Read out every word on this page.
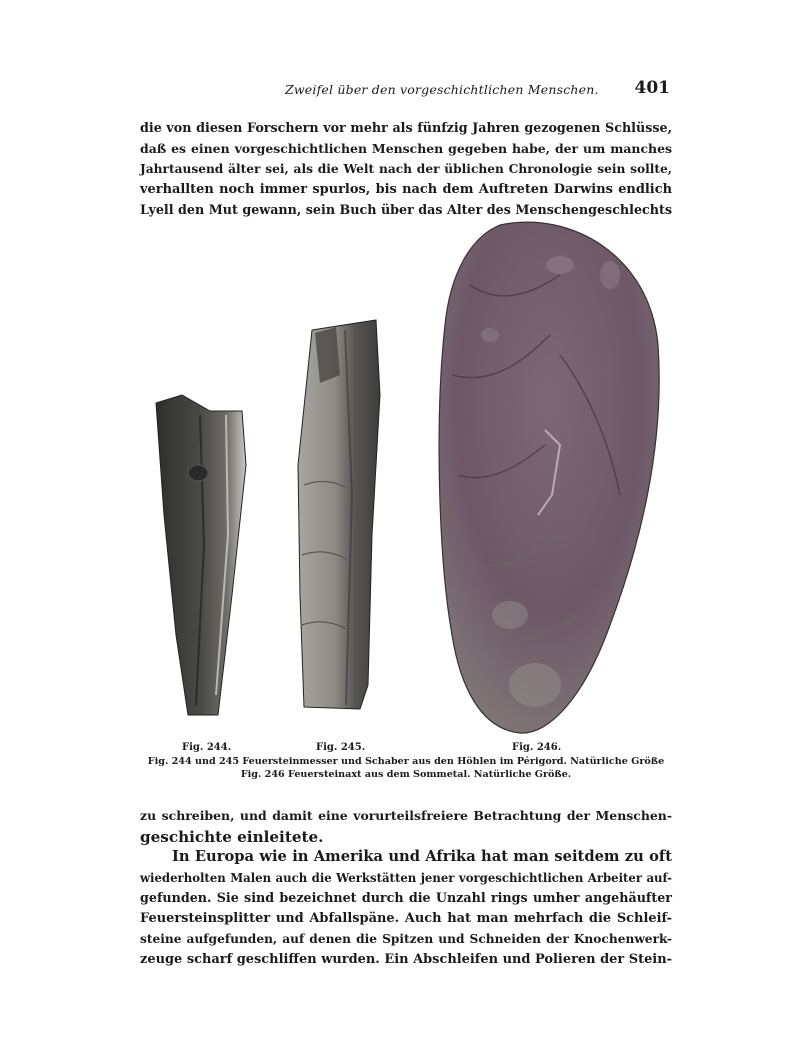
Zweifel über den vorgeschichtlichen Menschen. 401
die von diesen Forschern vor mehr als fünfzig Jahren gezogenen Schlüsse,
daß es einen vorgeschichtlichen Menschen gegeben habe, der um manches
Jahrtausend älter sei, als die Welt nach der üblichen Chronologie sein sollte,
verhallten noch immer spurlos, bis nach dem Auftreten Darwins endlich
Lyell den Mut gewann, sein Buch über das Alter des Menschengeschlechts
Fig. 244.	Fig. 245.	Fig. 246.
Fig. 244 und 245 Feuersteinmesser und Schaber aus den Höhlen im Périgord. Natürliche Größe
Fig. 246 Feuersteinaxt aus dem Sommetal. Natürliche Größe.
zu schreiben, und damit eine vorurteilsfreiere Betrachtung der Menschen-
geschichte einleitete.
In Europa wie in Amerika und Afrika hat man seitdem zu oft
wiederholten Malen auch die Werkstätten jener vorgeschichtlichen Arbeiter auf-
gefunden. Sie sind bezeichnet durch die Unzahl rings umher angehäufter
Feuersteinsplitter und Abfallspäne. Auch hat man mehrfach die Schleif-
steine aufgefunden, auf denen die Spitzen und Schneiden der Knochenwerk-
zeuge scharf geschliffen wurden. Ein Abschleifen und Polieren der Stein-
